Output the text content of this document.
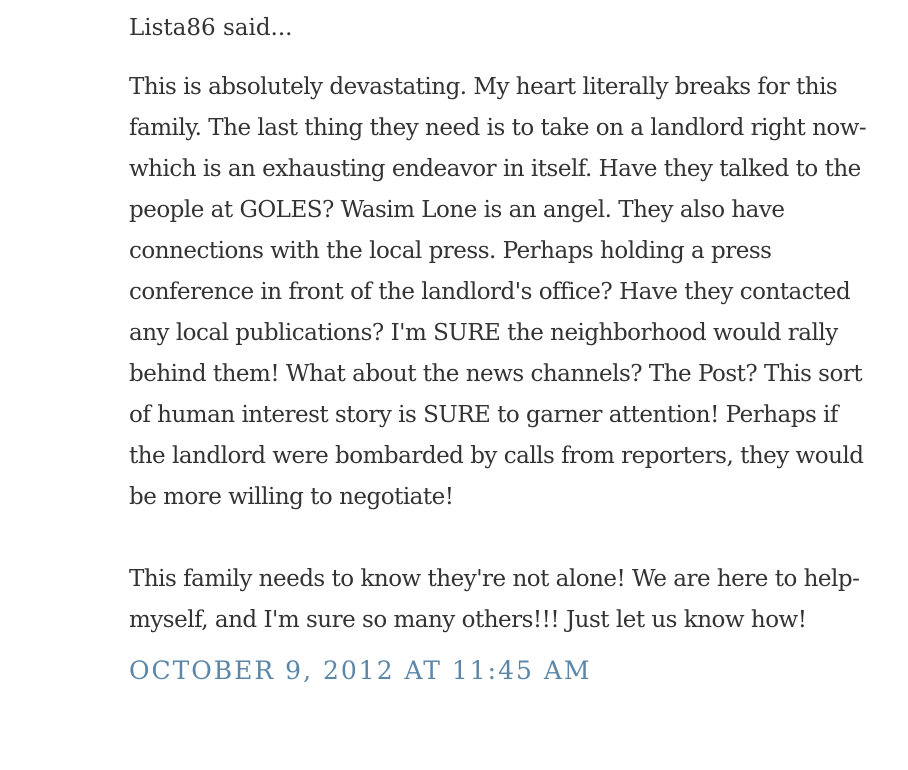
Lista86 said...

This is absolutely devastating. My heart literally breaks for this family. The last thing they need is to take on a landlord right now- which is an exhausting endeavor in itself. Have they talked to the people at GOLES? Wasim Lone is an angel. They also have connections with the local press. Perhaps holding a press conference in front of the landlord's office? Have they contacted any local publications? I'm SURE the neighborhood would rally behind them! What about the news channels? The Post? This sort of human interest story is SURE to garner attention! Perhaps if the landlord were bombarded by calls from reporters, they would be more willing to negotiate!

This family needs to know they're not alone! We are here to help- myself, and I'm sure so many others!!! Just let us know how!

OCTOBER 9, 2012 AT 11:45 AM
